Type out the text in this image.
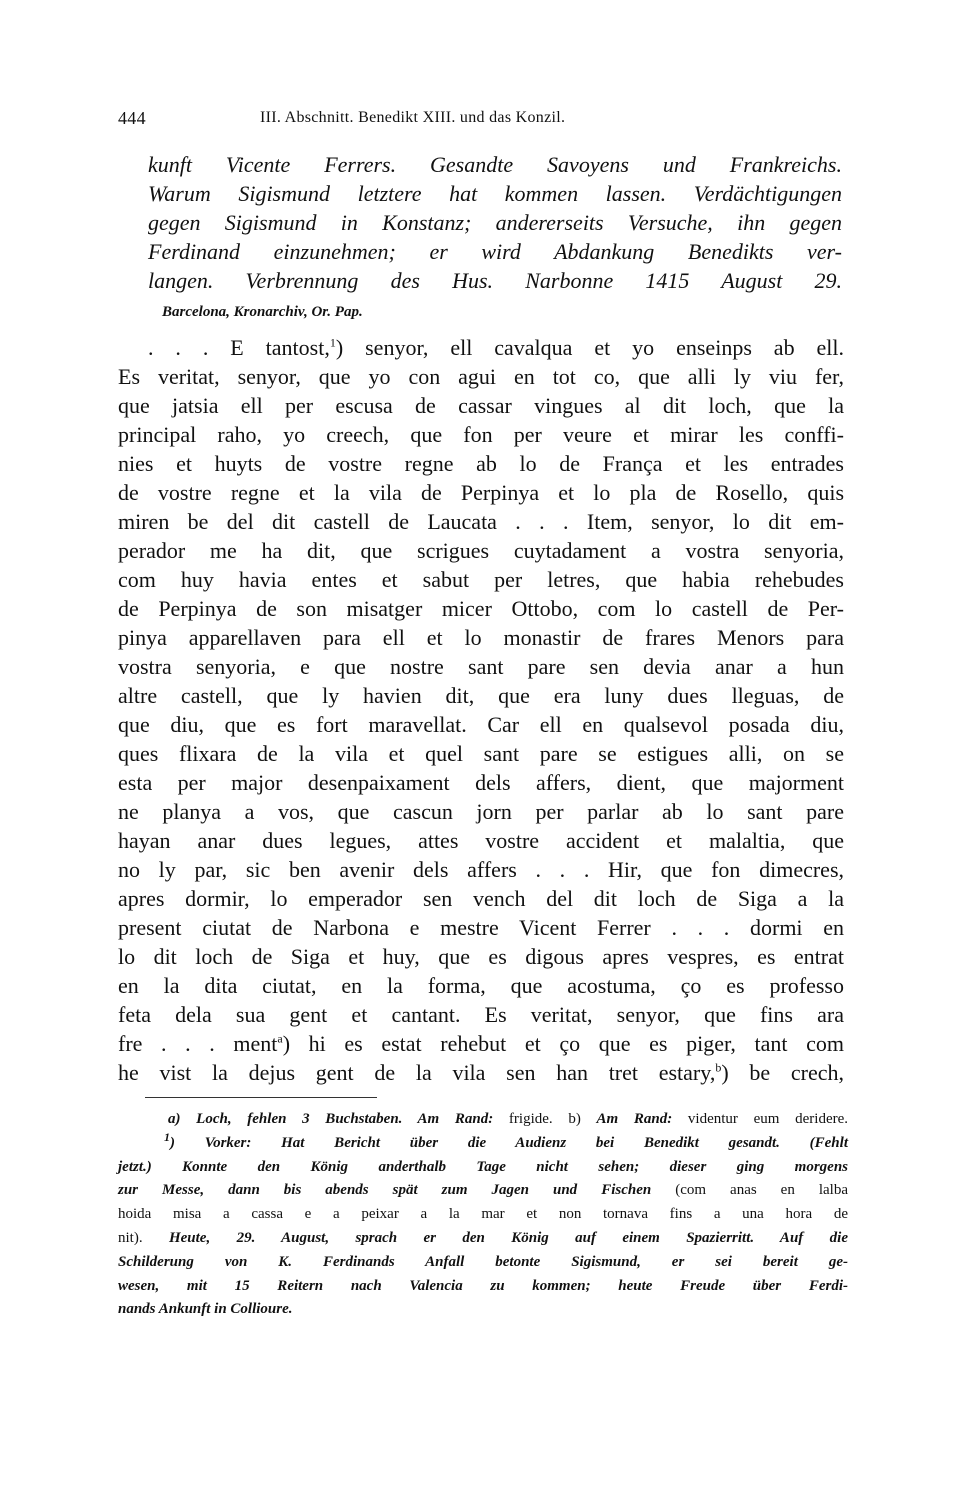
444	III. Abschnitt. Benedikt XIII. und das Konzil.
kunft Vicente Ferrers. Gesandte Savoyens und Frankreichs.
Warum Sigismund letztere hat kommen lassen. Verdächtigungen
gegen Sigismund in Konstanz; andererseits Versuche, ihn gegen
Ferdinand einzunehmen; er wird Abdankung Benedikts ver-
langen. Verbrennung des Hus. Narbonne 1415 August 29.
Barcelona, Kronarchiv, Or. Pap.
. . . E tantost,$^1$) senyor, ell cavalqua et yo enseinps ab ell.
Es veritat, senyor, que yo con agui en tot co, que alli ly viu fer,
que jatsia ell per escusa de cassar vingues al dit loch, que la
principal raho, yo creech, que fon per veure et mirar les conffi-
nies et huyts de vostre regne ab lo de França et les entrades
de vostre regne et la vila de Perpinya et lo pla de Rosello, quis
miren be del dit castell de Laucata . . . Item, senyor, lo dit em-
perador me ha dit, que scrigues cuytadament a vostra senyoria,
com huy havia entes et sabut per letres, que habia rehebudes
de Perpinya de son misatger micer Ottobo, com lo castell de Per-
pinya apparellaven para ell et lo monastir de frares Menors para
vostra senyoria, e que nostre sant pare sen devia anar a hun
altre castell, que ly havien dit, que era luny dues lleguas, de
que diu, que es fort maravellat. Car ell en qualsevol posada diu,
ques flixara de la vila et quel sant pare se estigues alli, on se
esta per major desenpaixament dels affers, dient, que majorment
ne planya a vos, que cascun jorn per parlar ab lo sant pare
hayan anar dues legues, attes vostre accident et malaltia, que
no ly par, sic ben avenir dels affers . . . Hir, que fon dimecres,
apres dormir, lo emperador sen vench del dit loch de Siga a la
present ciutat de Narbona e mestre Vicent Ferrer . . . dormi en
lo dit loch de Siga et huy, que es digous apres vespres, es entrat
en la dita ciutat, en la forma, que acostuma, ço es professo
feta dela sua gent et cantant. Es veritat, senyor, que fins ara
fre . . . ment$^a$) hi es estat rehebut et ço que es piger, tant com
he vist la dejus gent de la vila sen han tret estary,$^b$) be crech,
a) Loch, fehlen 3 Buchstaben. Am Rand: frigide. b) Am Rand: videntur eum deridere.
$^1$) Vorker: Hat Bericht über die Audienz bei Benedikt gesandt. (Fehlt
jetzt.) Konnte den König anderthalb Tage nicht sehen; dieser ging morgens
zur Messe, dann bis abends spät zum Jagen und Fischen (com anas en lalba
hoida misa a cassa e a peixar a la mar et non tornava fins a una hora de
nit). Heute, 29. August, sprach er den König auf einem Spazierritt. Auf die
Schilderung von K. Ferdinands Anfall betonte Sigismund, er sei bereit ge-
wesen, mit 15 Reitern nach Valencia zu kommen; heute Freude über Ferdi-
nands Ankunft in Collioure.
